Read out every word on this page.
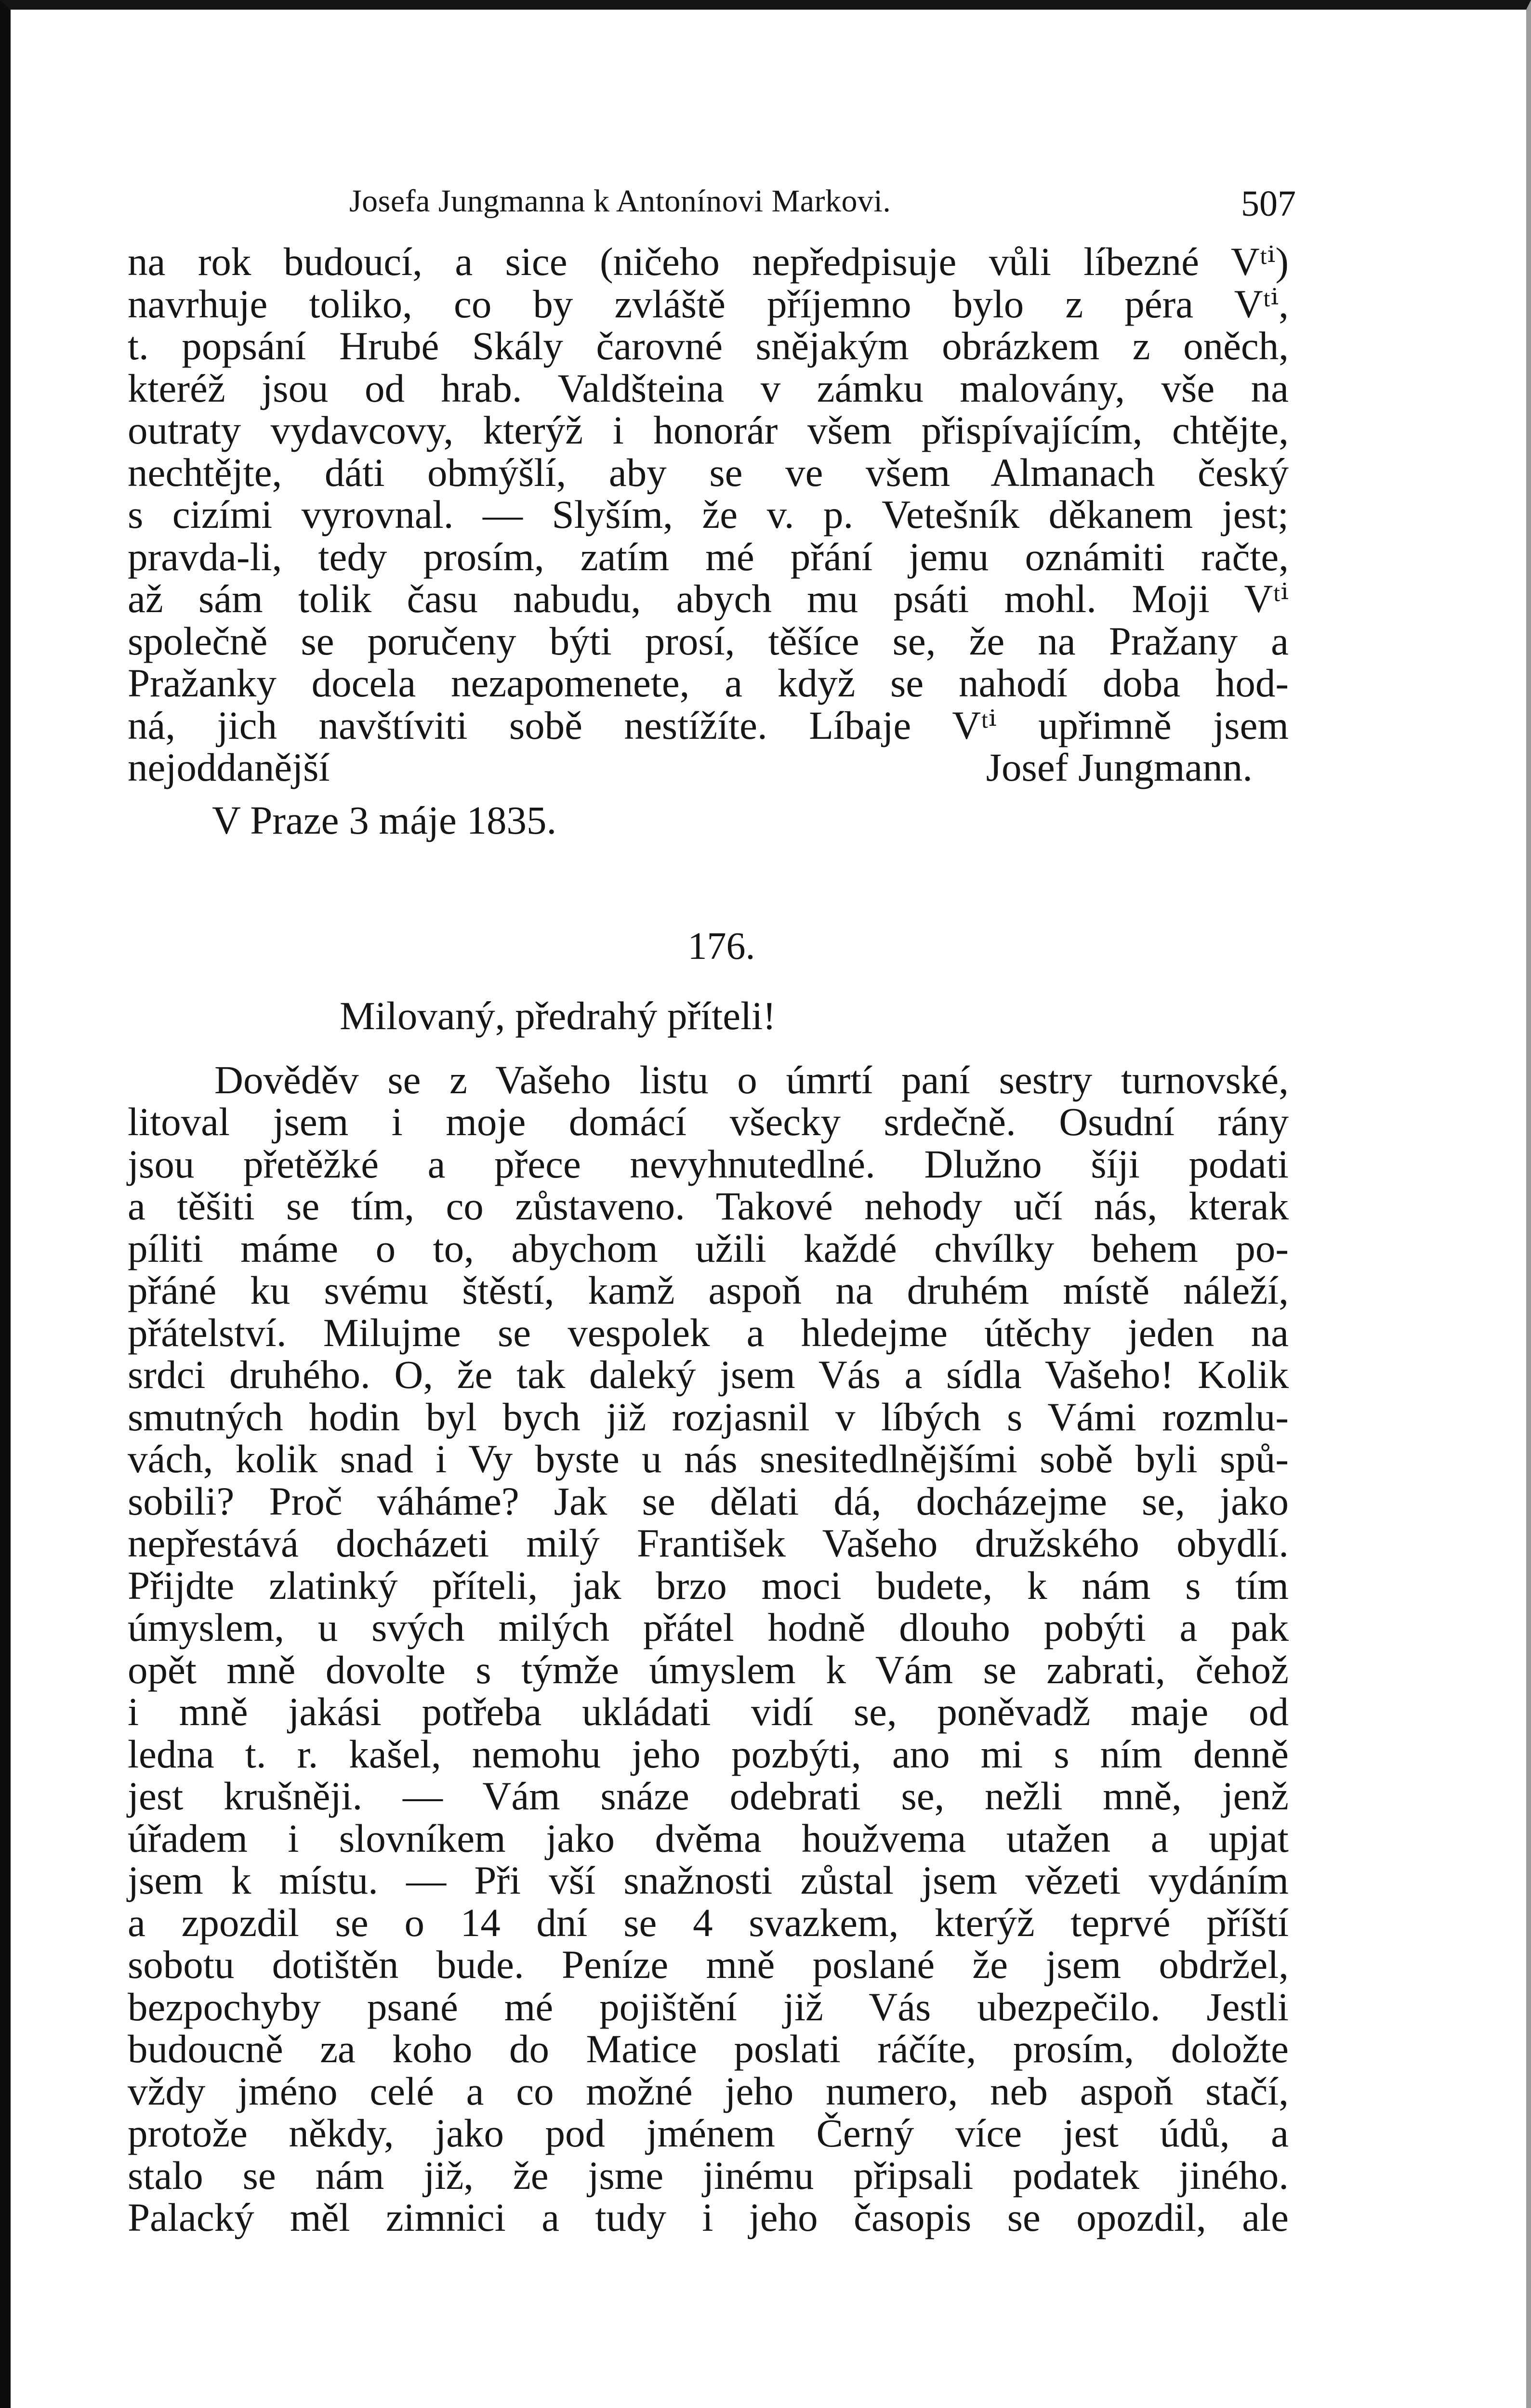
Josefa Jungmanna k Antonínovi Markovi.	507
na rok budoucí, a sice (ničeho nepředpisuje vůli líbezné Vᵗⁱ)
navrhuje toliko, co by zvláště příjemno bylo z péra Vᵗⁱ,
t. popsání Hrubé Skály čarovné snějakým obrázkem z oněch,
kteréž jsou od hrab. Valdšteina v zámku malovány, vše na
outraty vydavcovy, kterýž i honorár všem přispívajícím, chtějte,
nechtějte, dáti obmýšlí, aby se ve všem Almanach český
s cizími vyrovnal. — Slyším, že v. p. Vetešník děkanem jest;
pravda-li, tedy prosím, zatím mé přání jemu oznámiti račte,
až sám tolik času nabudu, abych mu psáti mohl. Moji Vᵗⁱ
společně se poručeny býti prosí, těšíce se, že na Pražany a
Pražanky docela nezapomenete, a když se nahodí doba hod-
ná, jich navštíviti sobě nestížíte. Líbaje Vᵗⁱ upřimně jsem
nejoddanější	Josef Jungmann.
V Praze 3 máje 1835.
176.
Milovaný, předrahý příteli!
Dověděv se z Vašeho listu o úmrtí paní sestry turnovské,
litoval jsem i moje domácí všecky srdečně. Osudní rány
jsou přetěžké a přece nevyhnutedlné. Dlužno šíji podati
a těšiti se tím, co zůstaveno. Takové nehody učí nás, kterak
píliti máme o to, abychom užili každé chvílky behem po-
přáné ku svému štěstí, kamž aspoň na druhém místě náleží,
přátelství. Milujme se vespolek a hledejme útěchy jeden na
srdci druhého. O, že tak daleký jsem Vás a sídla Vašeho! Kolik
smutných hodin byl bych již rozjasnil v líbých s Vámi rozmlu-
vách, kolik snad i Vy byste u nás snesitedlnějšími sobě byli spů-
sobili? Proč váháme? Jak se dělati dá, docházejme se, jako
nepřestává docházeti milý František Vašeho družského obydlí.
Přijdte zlatinký příteli, jak brzo moci budete, k nám s tím
úmyslem, u svých milých přátel hodně dlouho pobýti a pak
opět mně dovolte s týmže úmyslem k Vám se zabrati, čehož
i mně jakási potřeba ukládati vidí se, poněvadž maje od
ledna t. r. kašel, nemohu jeho pozbýti, ano mi s ním denně
jest krušněji. — Vám snáze odebrati se, nežli mně, jenž
úřadem i slovníkem jako dvěma houžvema utažen a upjat
jsem k místu. — Při vší snažnosti zůstal jsem vězeti vydáním
a zpozdil se o 14 dní se 4 svazkem, kterýž teprvé příští
sobotu dotištěn bude. Peníze mně poslané že jsem obdržel,
bezpochyby psané mé pojištění již Vás ubezpečilo. Jestli
budoucně za koho do Matice poslati ráčíte, prosím, doložte
vždy jméno celé a co možné jeho numero, neb aspoň stačí,
protože někdy, jako pod jménem Černý více jest údů, a
stalo se nám již, že jsme jinému připsali podatek jiného.
Palacký měl zimnici a tudy i jeho časopis se opozdil, ale
